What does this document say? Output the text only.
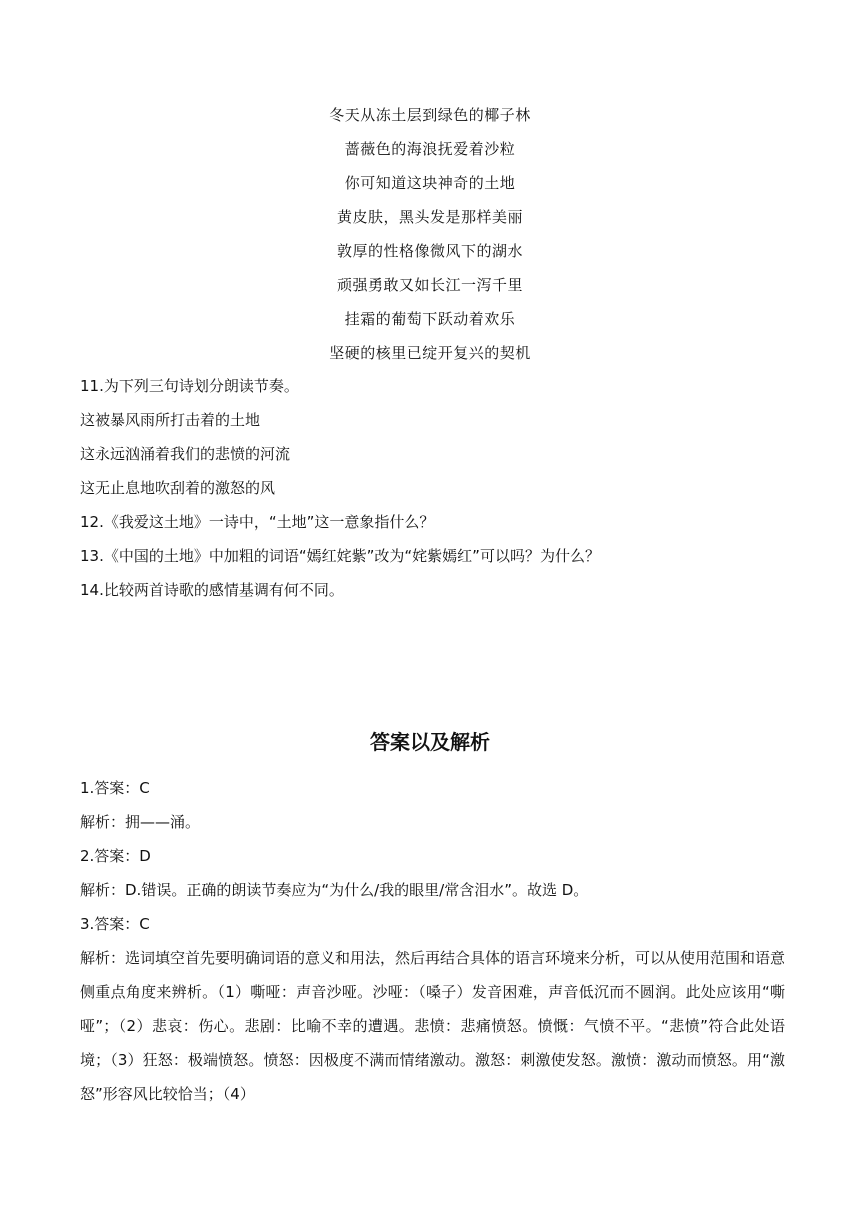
冬天从冻土层到绿色的椰子林
蔷薇色的海浪抚爱着沙粒
你可知道这块神奇的土地
黄皮肤，黑头发是那样美丽
敦厚的性格像微风下的湖水
顽强勇敢又如长江一泻千里
挂霜的葡萄下跃动着欢乐
坚硬的核里已绽开复兴的契机
11.为下列三句诗划分朗读节奏。
这被暴风雨所打击着的土地
这永远汹涌着我们的悲愤的河流
这无止息地吹刮着的激怒的风
12.《我爱这土地》一诗中，“土地”这一意象指什么？
13.《中国的土地》中加粗的词语“嫣红姹紫”改为“姹紫嫣红”可以吗？为什么？
14.比较两首诗歌的感情基调有何不同。
答案以及解析
1.答案：C
解析：拥——涌。
2.答案：D
解析：D.错误。正确的朗读节奏应为“为什么/我的眼里/常含泪水”。故选 D。
3.答案：C
解析：选词填空首先要明确词语的意义和用法，然后再结合具体的语言环境来分析，可以从使用范围和语意侧重点角度来辨析。（1）嘶哑：声音沙哑。沙哑：（嗓子）发音困难，声音低沉而不圆润。此处应该用“嘶哑”；（2）悲哀：伤心。悲剧：比喻不幸的遭遇。悲愤：悲痛愤怒。愤慨：气愤不平。“悲愤”符合此处语境；（3）狂怒：极端愤怒。愤怒：因极度不满而情绪激动。激怒：刺激使发怒。激愤：激动而愤怒。用“激怒”形容风比较恰当；（4）
